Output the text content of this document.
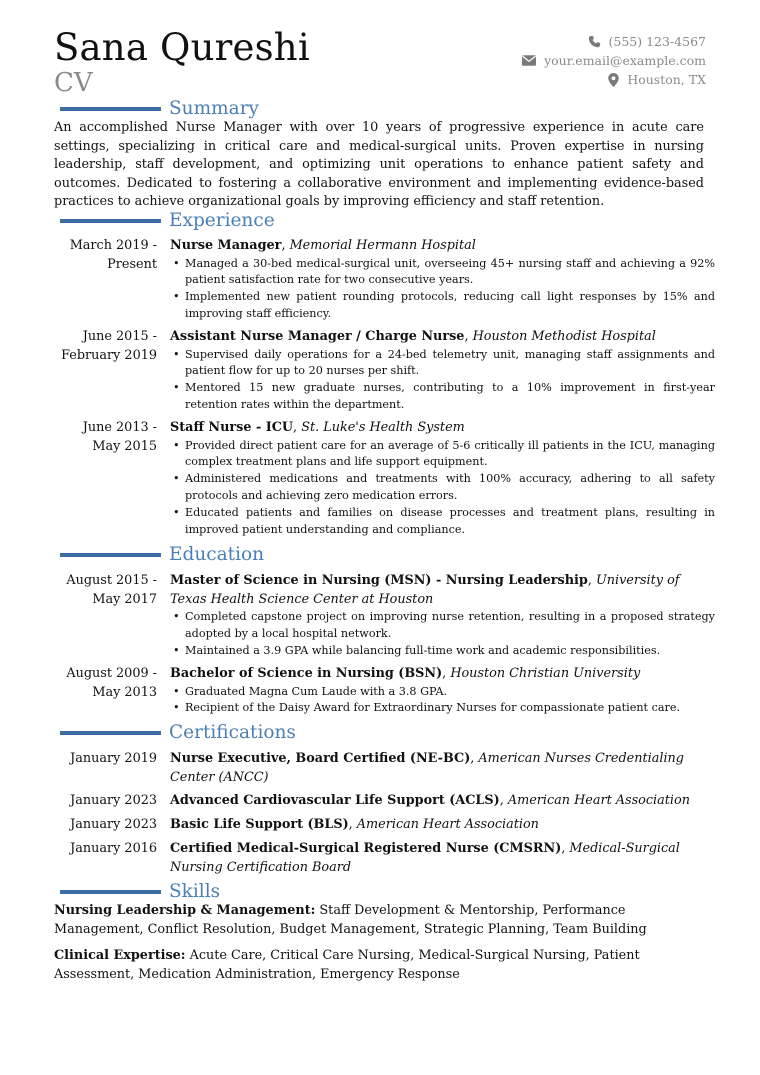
Sana Qureshi
CV
(555) 123-4567
your.email@example.com
Houston, TX
Summary
An accomplished Nurse Manager with over 10 years of progressive experience in acute care settings, specializing in critical care and medical-surgical units. Proven expertise in nursing leadership, staff development, and optimizing unit operations to enhance patient safety and outcomes. Dedicated to fostering a collaborative environment and implementing evidence-based practices to achieve organizational goals by improving efficiency and staff retention.
Experience
March 2019 -
Present
Nurse Manager, Memorial Hermann Hospital
• Managed a 30-bed medical-surgical unit, overseeing 45+ nursing staff and achieving a 92% patient satisfaction rate for two consecutive years.
• Implemented new patient rounding protocols, reducing call light responses by 15% and improving staff efficiency.
June 2015 -
February 2019
Assistant Nurse Manager / Charge Nurse, Houston Methodist Hospital
• Supervised daily operations for a 24-bed telemetry unit, managing staff assignments and patient flow for up to 20 nurses per shift.
• Mentored 15 new graduate nurses, contributing to a 10% improvement in first-year retention rates within the department.
June 2013 -
May 2015
Staff Nurse - ICU, St. Luke's Health System
• Provided direct patient care for an average of 5-6 critically ill patients in the ICU, managing complex treatment plans and life support equipment.
• Administered medications and treatments with 100% accuracy, adhering to all safety protocols and achieving zero medication errors.
• Educated patients and families on disease processes and treatment plans, resulting in improved patient understanding and compliance.
Education
August 2015 -
May 2017
Master of Science in Nursing (MSN) - Nursing Leadership, University of Texas Health Science Center at Houston
• Completed capstone project on improving nurse retention, resulting in a proposed strategy adopted by a local hospital network.
• Maintained a 3.9 GPA while balancing full-time work and academic responsibilities.
August 2009 -
May 2013
Bachelor of Science in Nursing (BSN), Houston Christian University
• Graduated Magna Cum Laude with a 3.8 GPA.
• Recipient of the Daisy Award for Extraordinary Nurses for compassionate patient care.
Certifications
January 2019 Nurse Executive, Board Certified (NE-BC), American Nurses Credentialing Center (ANCC)
January 2023 Advanced Cardiovascular Life Support (ACLS), American Heart Association
January 2023 Basic Life Support (BLS), American Heart Association
January 2016 Certified Medical-Surgical Registered Nurse (CMSRN), Medical-Surgical Nursing Certification Board
Skills
Nursing Leadership & Management: Staff Development & Mentorship, Performance Management, Conflict Resolution, Budget Management, Strategic Planning, Team Building
Clinical Expertise: Acute Care, Critical Care Nursing, Medical-Surgical Nursing, Patient Assessment, Medication Administration, Emergency Response
